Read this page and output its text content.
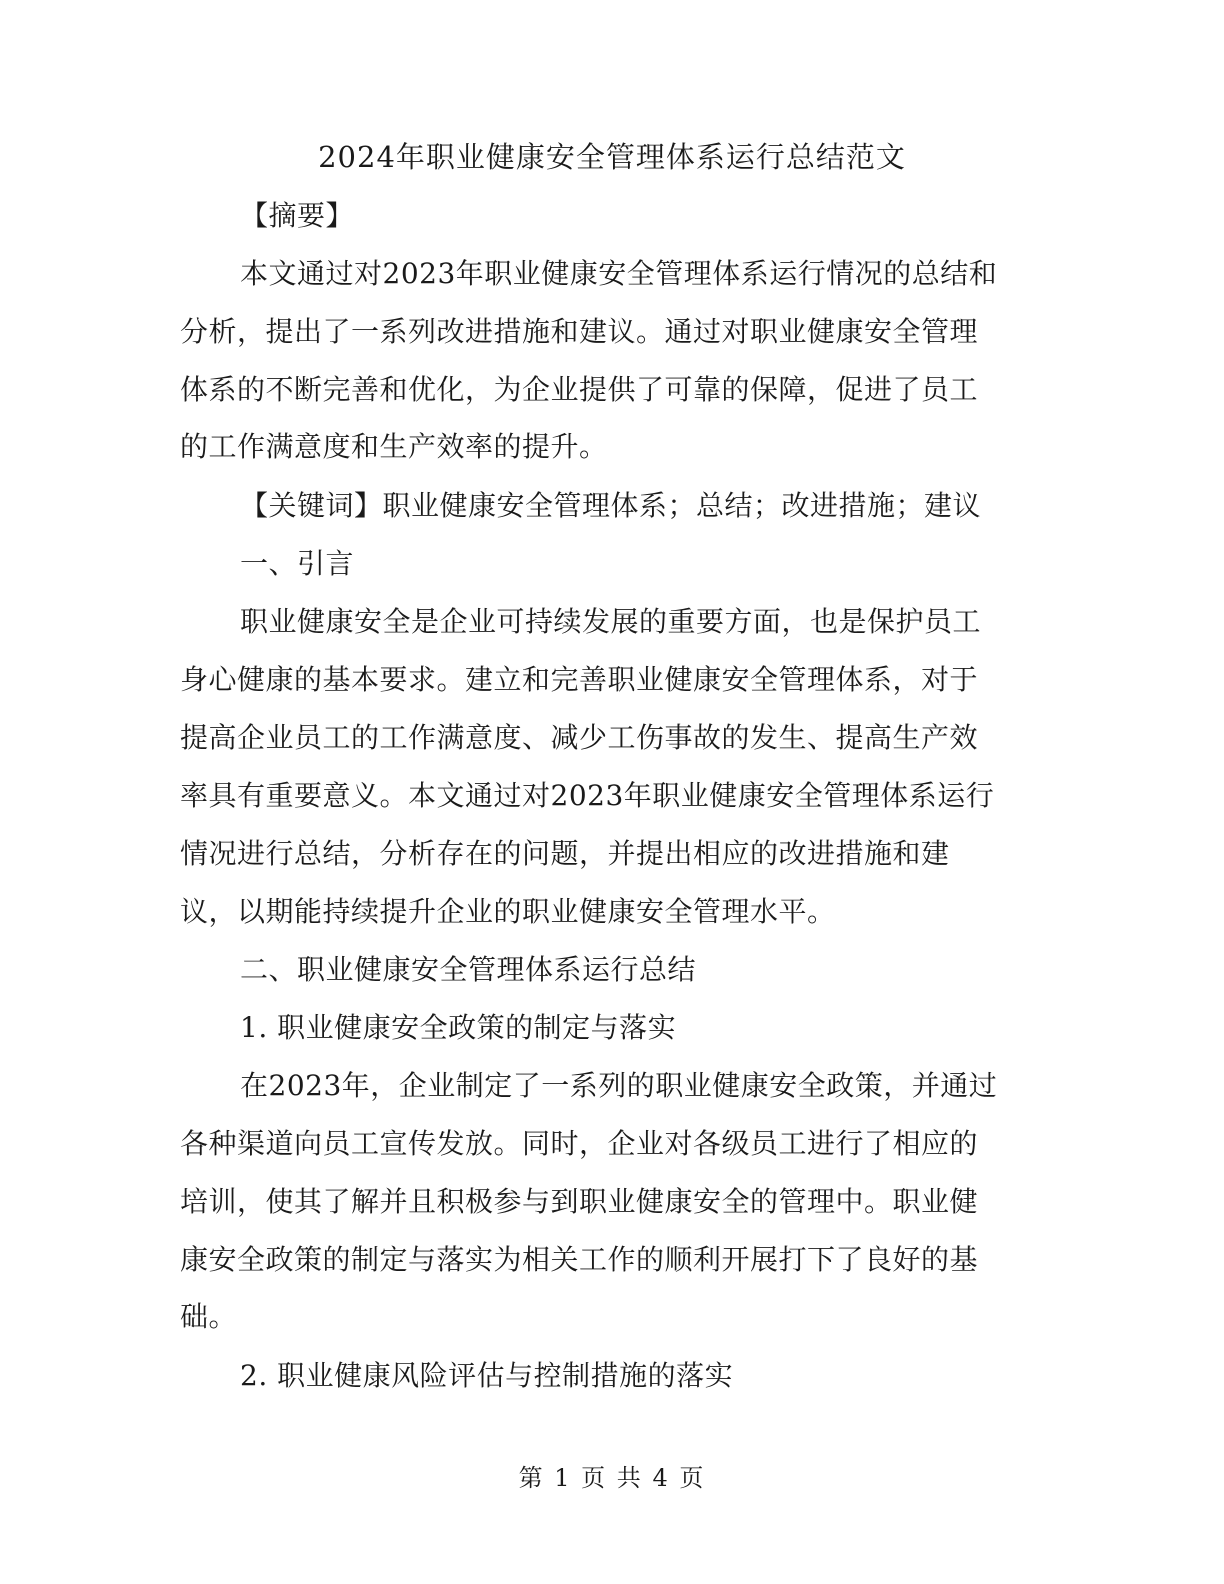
2024年职业健康安全管理体系运行总结范文
【摘要】
本文通过对2023年职业健康安全管理体系运行情况的总结和
分析，提出了一系列改进措施和建议。通过对职业健康安全管理
体系的不断完善和优化，为企业提供了可靠的保障，促进了员工
的工作满意度和生产效率的提升。
【关键词】职业健康安全管理体系；总结；改进措施；建议
一、引言
职业健康安全是企业可持续发展的重要方面，也是保护员工
身心健康的基本要求。建立和完善职业健康安全管理体系，对于
提高企业员工的工作满意度、减少工伤事故的发生、提高生产效
率具有重要意义。本文通过对2023年职业健康安全管理体系运行
情况进行总结，分析存在的问题，并提出相应的改进措施和建
议，以期能持续提升企业的职业健康安全管理水平。
二、职业健康安全管理体系运行总结
1. 职业健康安全政策的制定与落实
在2023年，企业制定了一系列的职业健康安全政策，并通过
各种渠道向员工宣传发放。同时，企业对各级员工进行了相应的
培训，使其了解并且积极参与到职业健康安全的管理中。职业健
康安全政策的制定与落实为相关工作的顺利开展打下了良好的基
础。
2. 职业健康风险评估与控制措施的落实
第 1 页 共 4 页
